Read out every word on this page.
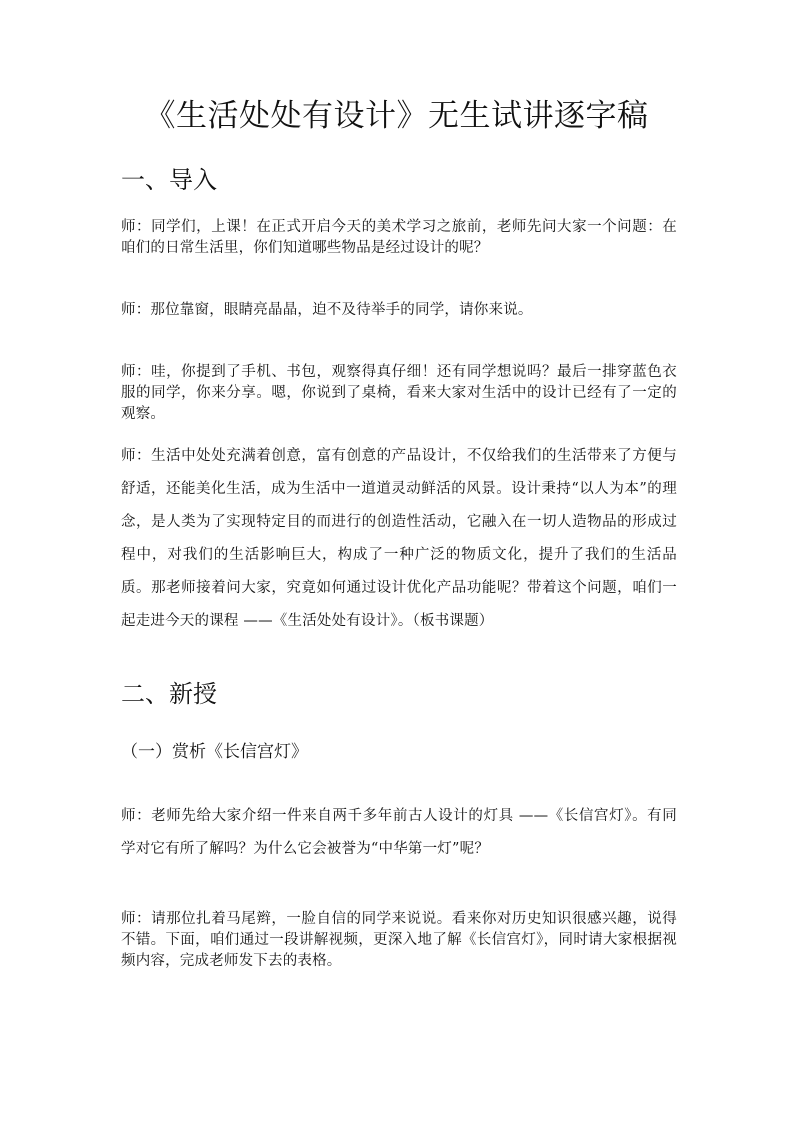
《生活处处有设计》无生试讲逐字稿
一、导入

师：同学们，上课！在正式开启今天的美术学习之旅前，老师先问大家一个问题：在咱们的日常生活里，你们知道哪些物品是经过设计的呢？

师：那位靠窗，眼睛亮晶晶，迫不及待举手的同学，请你来说。

师：哇，你提到了手机、书包，观察得真仔细！还有同学想说吗？最后一排穿蓝色衣服的同学，你来分享。嗯，你说到了桌椅，看来大家对生活中的设计已经有了一定的观察。

师：生活中处处充满着创意，富有创意的产品设计，不仅给我们的生活带来了方便与舒适，还能美化生活，成为生活中一道道灵动鲜活的风景。设计秉持“以人为本”的理念，是人类为了实现特定目的而进行的创造性活动，它融入在一切人造物品的形成过程中，对我们的生活影响巨大，构成了一种广泛的物质文化，提升了我们的生活品质。那老师接着问大家，究竟如何通过设计优化产品功能呢？带着这个问题，咱们一起走进今天的课程 ——《生活处处有设计》。（板书课题）

二、新授
（一）赏析《长信宫灯》

师：老师先给大家介绍一件来自两千多年前古人设计的灯具 ——《长信宫灯》。有同学对它有所了解吗？为什么它会被誉为“中华第一灯”呢？

师：请那位扎着马尾辫，一脸自信的同学来说说。看来你对历史知识很感兴趣，说得不错。下面，咱们通过一段讲解视频，更深入地了解《长信宫灯》，同时请大家根据视频内容，完成老师发下去的表格。
